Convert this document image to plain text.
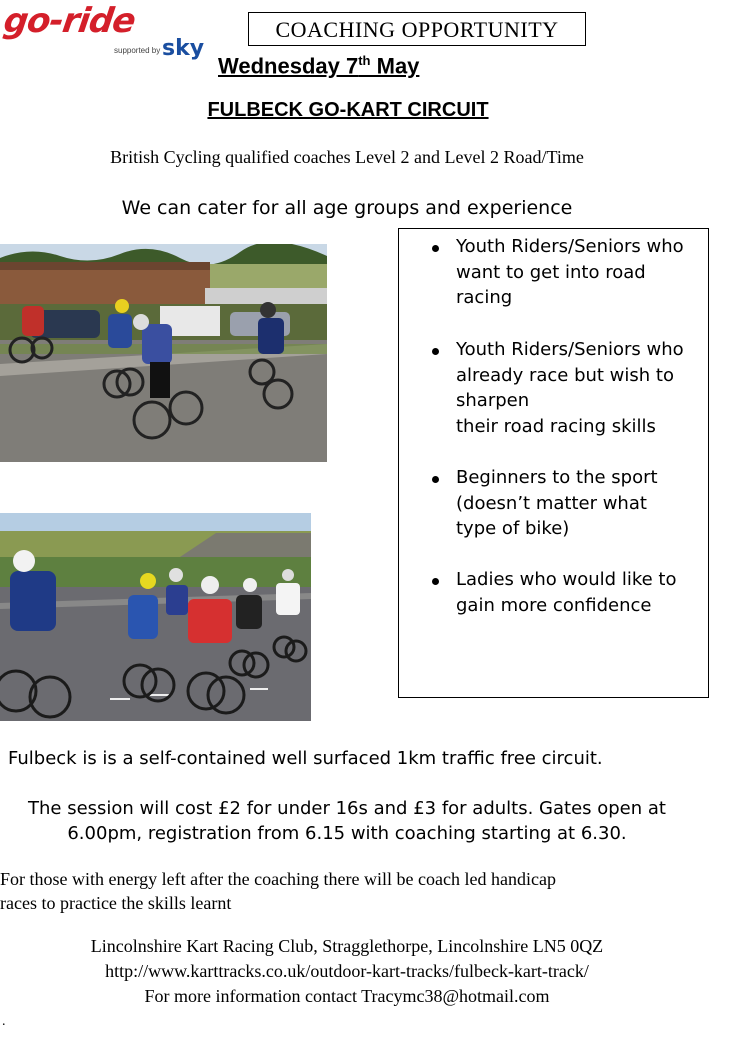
go-ride
supported by sky
COACHING OPPORTUNITY
Wednesday 7th May
FULBECK GO-KART CIRCUIT
British Cycling qualified coaches Level 2 and Level 2 Road/Time
We can cater for all age groups and experience
Youth Riders/Seniors who
want to get into road
racing
Youth Riders/Seniors who
already race but wish to
sharpen
their road racing skills
Beginners to the sport
(doesn’t matter what
type of bike)
Ladies who would like to
gain more confidence
Fulbeck is is a self-contained well surfaced 1km traffic free circuit.
The session will cost £2 for under 16s and £3 for adults. Gates open at
6.00pm, registration from 6.15 with coaching starting at 6.30.
For those with energy left after the coaching there will be coach led handicap
races to practice the skills learnt
Lincolnshire Kart Racing Club, Stragglethorpe, Lincolnshire LN5 0QZ
http://www.karttracks.co.uk/outdoor-kart-tracks/fulbeck-kart-track/
For more information contact Tracymc38@hotmail.com
.
